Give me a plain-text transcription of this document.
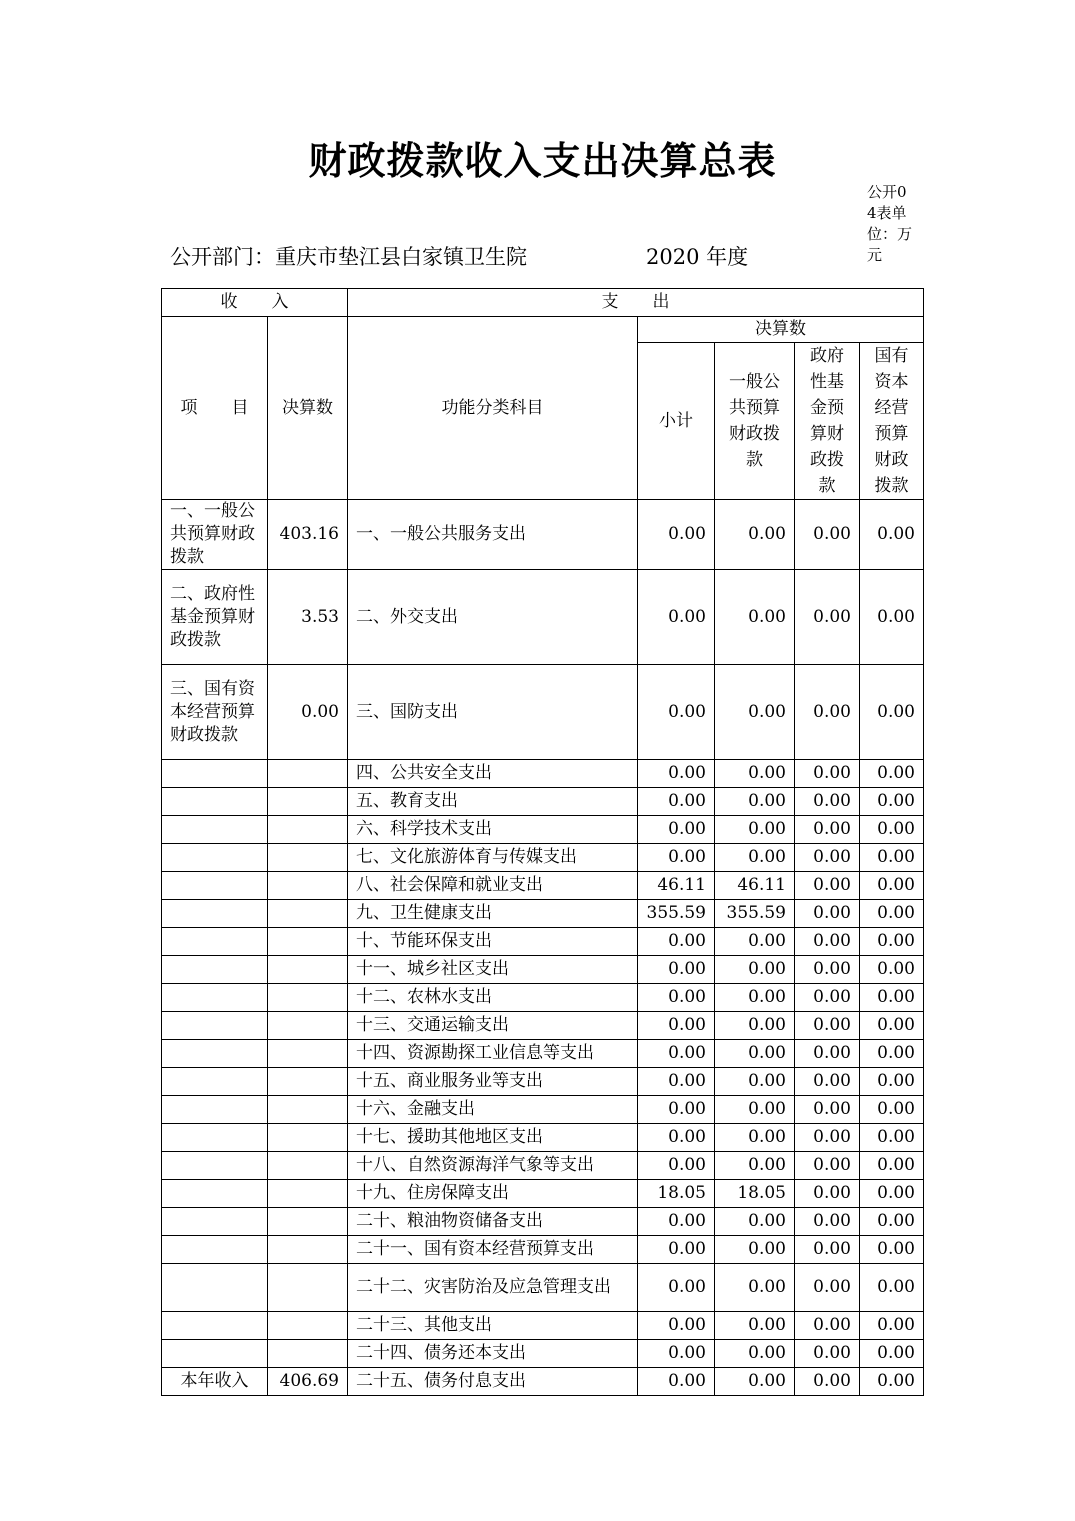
财政拨款收入支出决算总表
公开04表单位：万元
公开部门：重庆市垫江县白家镇卫生院	2020 年度
收　　入		支　　出				
项　　目	决算数	功能分类科目	决算数			
			小计	一般公共预算财政拨款	政府性基金预算财政拨款	国有资本经营预算财政拨款
一、一般公共预算财政拨款	403.16	一、一般公共服务支出	0.00	0.00	0.00	0.00
二、政府性基金预算财政拨款	3.53	二、外交支出	0.00	0.00	0.00	0.00
三、国有资本经营预算财政拨款	0.00	三、国防支出	0.00	0.00	0.00	0.00
		四、公共安全支出	0.00	0.00	0.00	0.00
		五、教育支出	0.00	0.00	0.00	0.00
		六、科学技术支出	0.00	0.00	0.00	0.00
		七、文化旅游体育与传媒支出	0.00	0.00	0.00	0.00
		八、社会保障和就业支出	46.11	46.11	0.00	0.00
		九、卫生健康支出	355.59	355.59	0.00	0.00
		十、节能环保支出	0.00	0.00	0.00	0.00
		十一、城乡社区支出	0.00	0.00	0.00	0.00
		十二、农林水支出	0.00	0.00	0.00	0.00
		十三、交通运输支出	0.00	0.00	0.00	0.00
		十四、资源勘探工业信息等支出	0.00	0.00	0.00	0.00
		十五、商业服务业等支出	0.00	0.00	0.00	0.00
		十六、金融支出	0.00	0.00	0.00	0.00
		十七、援助其他地区支出	0.00	0.00	0.00	0.00
		十八、自然资源海洋气象等支出	0.00	0.00	0.00	0.00
		十九、住房保障支出	18.05	18.05	0.00	0.00
		二十、粮油物资储备支出	0.00	0.00	0.00	0.00
		二十一、国有资本经营预算支出	0.00	0.00	0.00	0.00
		二十二、灾害防治及应急管理支出	0.00	0.00	0.00	0.00
		二十三、其他支出	0.00	0.00	0.00	0.00
		二十四、债务还本支出	0.00	0.00	0.00	0.00
本年收入	406.69	二十五、债务付息支出	0.00	0.00	0.00	0.00
